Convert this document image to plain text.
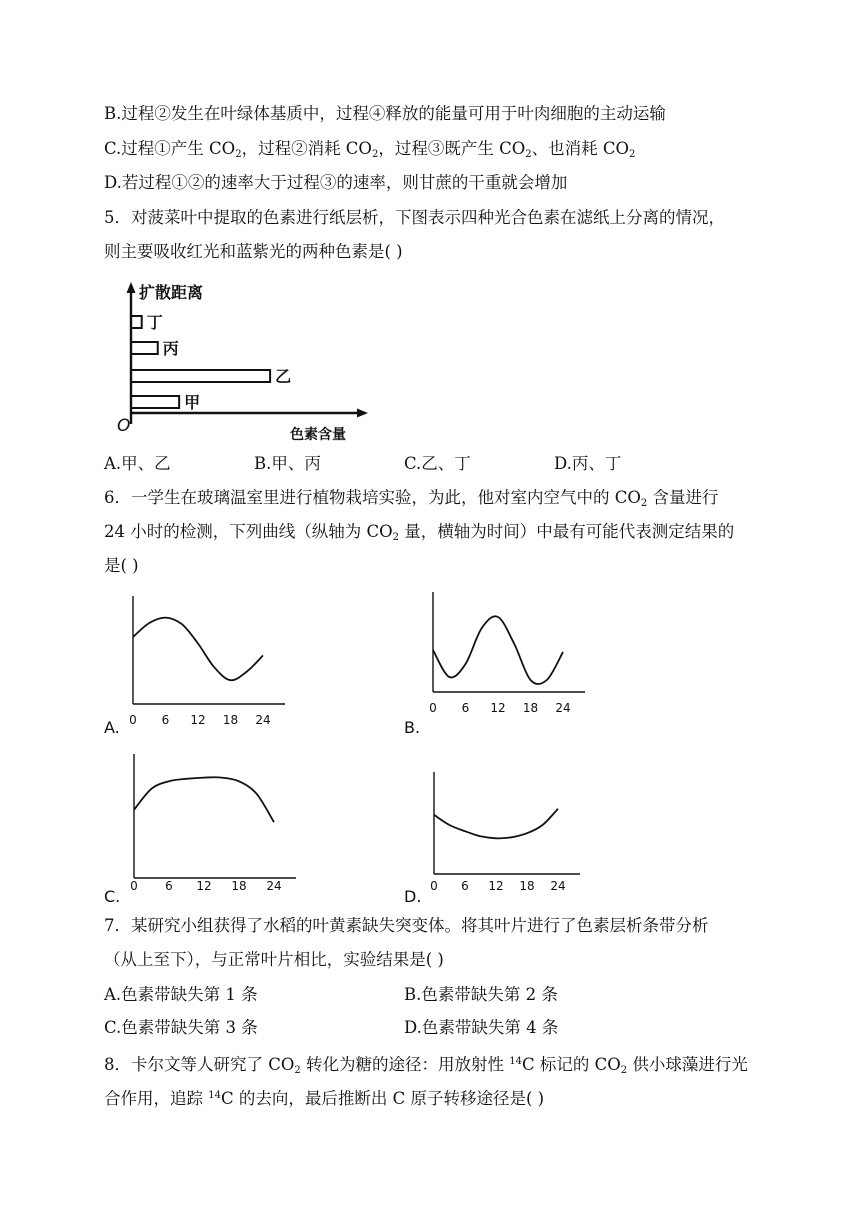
B.过程②发生在叶绿体基质中，过程④释放的能量可用于叶肉细胞的主动运输
C.过程①产生 $CO_2$，过程②消耗 $CO_2$，过程③既产生 $CO_2$、也消耗 $CO_2$
D.若过程①②的速率大于过程③的速率，则甘蔗的干重就会增加
5．对菠菜叶中提取的色素进行纸层析，下图表示四种光合色素在滤纸上分离的情况，
则主要吸收红光和蓝紫光的两种色素是( )
扩散距离
色素含量
O
丁
丙
乙
甲
A.甲、乙	B.甲、丙	C.乙、丁	D.丙、丁
6．一学生在玻璃温室里进行植物栽培实验，为此，他对室内空气中的 $CO_2$ 含量进行
24 小时的检测，下列曲线（纵轴为 $CO_2$ 量，横轴为时间）中最有可能代表测定结果的
是( )
A. 0 6 12 18 24	B.
0 6 12 18 24
C.
0 6 12 18 24
D.
0 6 12 18 24
7．某研究小组获得了水稻的叶黄素缺失突变体。将其叶片进行了色素层析条带分析
（从上至下），与正常叶片相比，实验结果是( )
A.色素带缺失第 1 条	B.色素带缺失第 2 条
C.色素带缺失第 3 条	D.色素带缺失第 4 条
8．卡尔文等人研究了 $CO_2$ 转化为糖的途径：用放射性 $^{14}$C 标记的 $CO_2$ 供小球藻进行光
合作用，追踪 $^{14}$C 的去向，最后推断出 C 原子转移途径是( )
